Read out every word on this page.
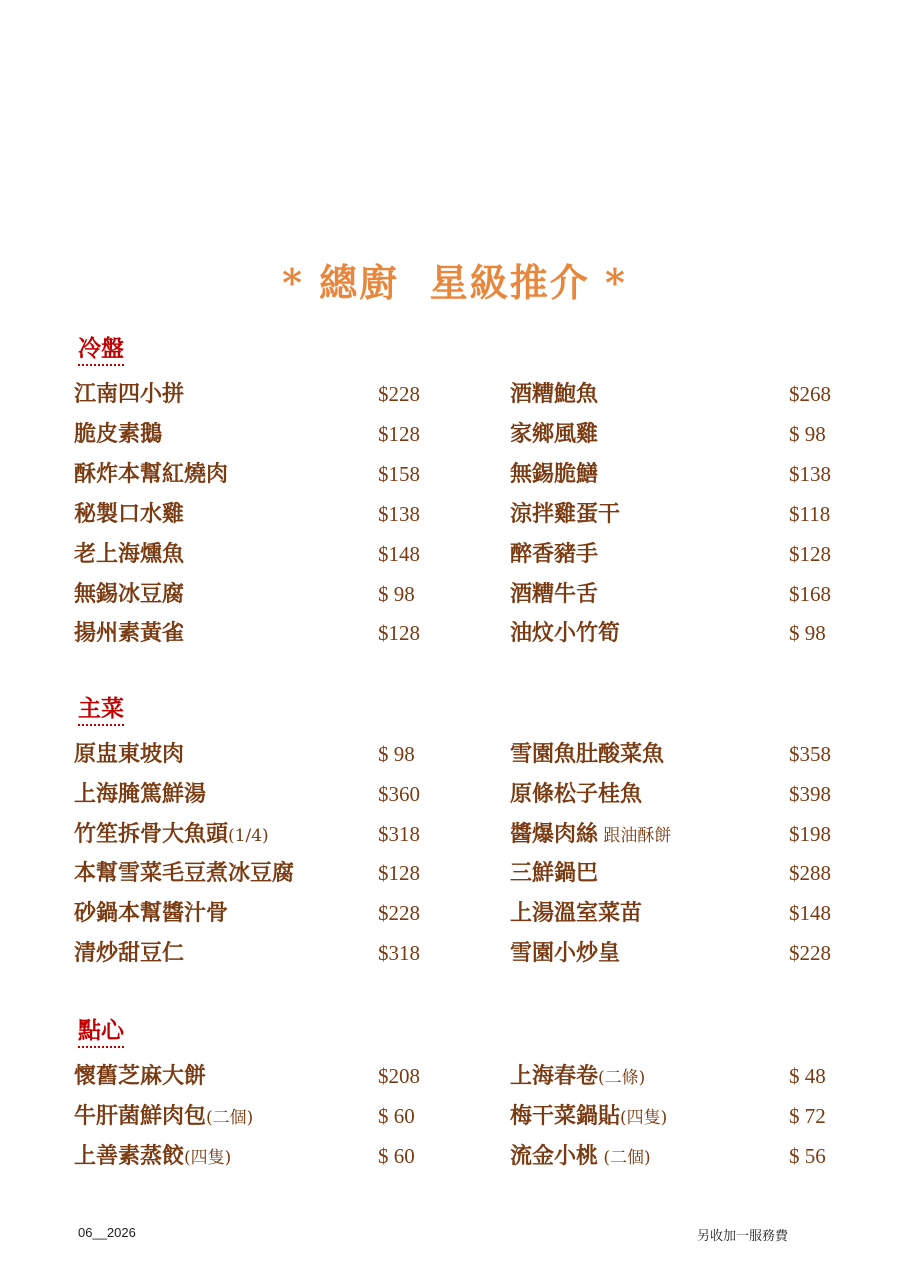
* 總廚  星級推介 *
冷盤
江南四小拼	$228
脆皮素鵝	$128
酥炸本幫紅燒肉	$158
秘製口水雞	$138
老上海燻魚	$148
無錫冰豆腐	$ 98
揚州素黃雀	$128
酒糟鮑魚	$268
家鄉風雞	$ 98
無錫脆鱔	$138
涼拌雞蛋干	$118
醉香豬手	$128
酒糟牛舌	$168
油炆小竹筍	$ 98
主菜
原盅東坡肉	$ 98
上海腌篤鮮湯	$360
竹笙拆骨大魚頭(1/4)	$318
本幫雪菜毛豆煮冰豆腐	$128
砂鍋本幫醬汁骨	$228
清炒甜豆仁	$318
雪園魚肚酸菜魚	$358
原條松子桂魚	$398
醬爆肉絲 跟油酥餅	$198
三鮮鍋巴	$288
上湯溫室菜苗	$148
雪園小炒皇	$228
點心
懷舊芝麻大餅	$208
牛肝菌鮮肉包(二個)	$ 60
上善素蒸餃(四隻)	$ 60
上海春卷(二條)	$ 48
梅干菜鍋貼(四隻)	$ 72
流金小桃 (二個)	$ 56
06__2026	另收加一服務費
